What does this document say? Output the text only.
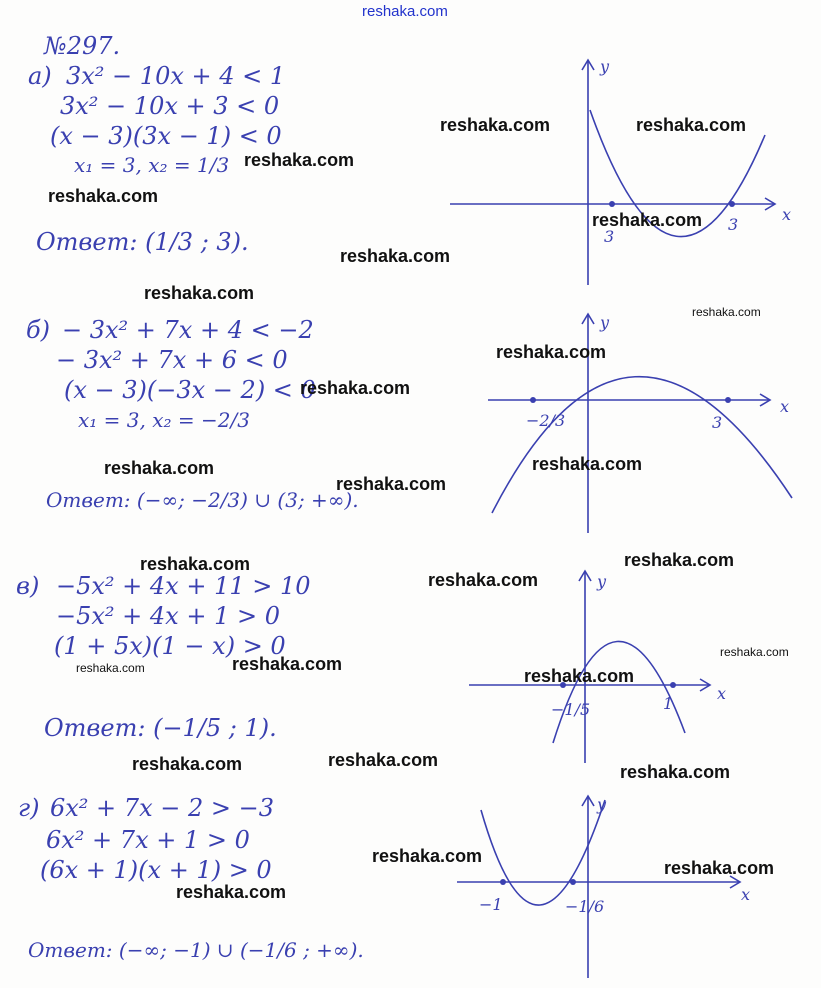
reshaka.com
№297.
а) 3x² − 10x + 4 < 1
3x² − 10x + 3 < 0
(x − 3)(3x − 1) < 0
x₁ = 3, x₂ = 1/3
Ответ: (1/3 ; 3).
б) − 3x² + 7x + 4 < −2
− 3x² + 7x + 6 < 0
(x − 3)(−3x − 2) < 0
x₁ = 3, x₂ = −2/3
Ответ: (−∞; −2/3) ∪ (3; +∞).
в) −5x² + 4x + 11 > 10
−5x² + 4x + 1 > 0
(1 + 5x)(1 − x) > 0
Ответ: (−1/5 ; 1).
г) 6x² + 7x − 2 > −3
6x² + 7x + 1 > 0
(6x + 1)(x + 1) > 0
Ответ: (−∞; −1) ∪ (−1/6 ; +∞).
x
y
3
3
x
y
−2/3	3
x
y
−1/5	1
x
y
−1	−1/6
reshaka.com	reshaka.com
reshaka.com
reshaka.com
reshaka.com
reshaka.com
reshaka.com
reshaka.com
reshaka.com
reshaka.com
reshaka.com
reshaka.com
reshaka.com
reshaka.com
reshaka.com
reshaka.com
reshaka.com
reshaka.com
reshaka.com	reshaka.com
reshaka.com
reshaka.com	reshaka.com
reshaka.com
reshaka.com
reshaka.com
